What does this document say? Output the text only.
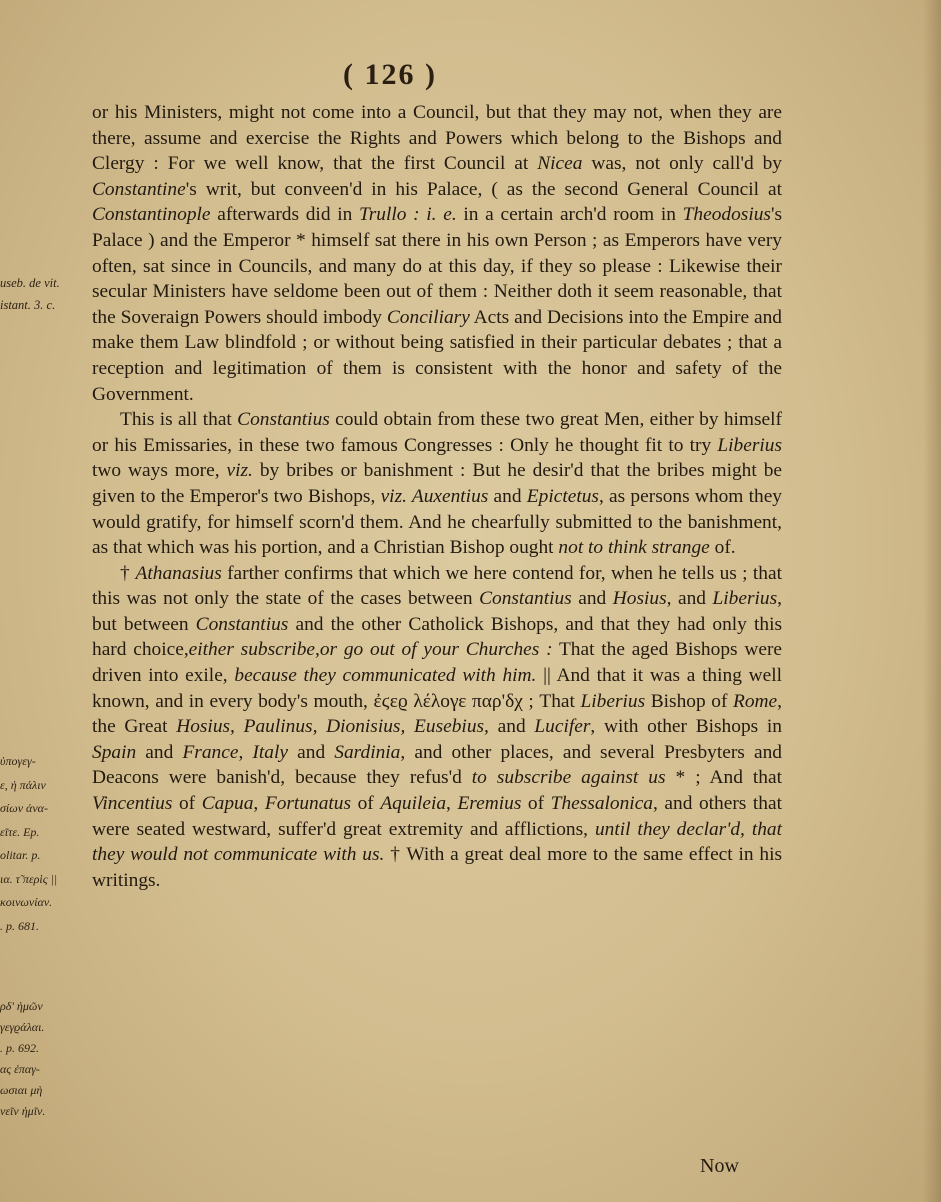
( 126 )
useb. de vit.
istant. 3. c.
ὑπογεγ-
ε, ἡ πάλιν
σίων ἀνα-
εῖτε. Ep.
olitar. p.
ια. τ̃ περὶς ||
κοινωνίαν.
. p. 681.
ρδ' ἡμῶν
γεγϱάλαι.
. p. 692.
ας ἐπαγ-
ωσιαι μὴ
νεῖν ἡμῖν.

or his Ministers, might not come into a Council, but that they may not, when they are there, assume and exercise the Rights and Powers which belong to the Bishops and Clergy : For we well know, that the first Council at Nicea was, not only call'd by Constantine's writ, but conveen'd in his Palace, ( as the second General Council at Constantinople afterwards did in Trullo : i. e. in a certain arch'd room in Theodosius's Palace ) and the Emperor * himself sat there in his own Person ; as Emperors have very often, sat since in Councils, and many do at this day, if they so please : Likewise their secular Ministers have seldome been out of them : Neither doth it seem reasonable, that the Soveraign Powers should imbody Conciliary Acts and Decisions into the Empire and make them Law blindfold ; or without being satisfied in their particular debates ; that a reception and legitimation of them is consistent with the honor and safety of the Government.

This is all that Constantius could obtain from these two great Men, either by himself or his Emissaries, in these two famous Congresses : Only he thought fit to try Liberius two ways more, viz. by bribes or banishment : But he desir'd that the bribes might be given to the Emperor's two Bishops, viz. Auxentius and Epictetus, as persons whom they would gratify, for himself scorn'd them. And he chearfully submitted to the banishment, as that which was his portion, and a Christian Bishop ought not to think strange of.

† Athanasius farther confirms that which we here contend for, when he tells us ; that this was not only the state of the cases between Constantius and Hosius, and Liberius, but between Constantius and the other Catholick Bishops, and that they had only this hard choice,either subscribe,or go out of your Churches : That the aged Bishops were driven into exile, because they communicated with him. || And that it was a thing well known, and in every body's mouth, ἐϛεϱ λέλογε παρ'δχ ; That Liberius Bishop of Rome, the Great Hosius, Paulinus, Dionisius, Eusebius, and Lucifer, with other Bishops in Spain and France, Italy and Sardinia, and other places, and several Presbyters and Deacons were banish'd, because they refus'd to subscribe against us * ; And that Vincentius of Capua, Fortunatus of Aquileia, Eremius of Thessalonica, and others that were seated westward, suffer'd great extremity and afflictions, until they declar'd, that they would not communicate with us. † With a great deal more to the same effect in his writings.

Now
